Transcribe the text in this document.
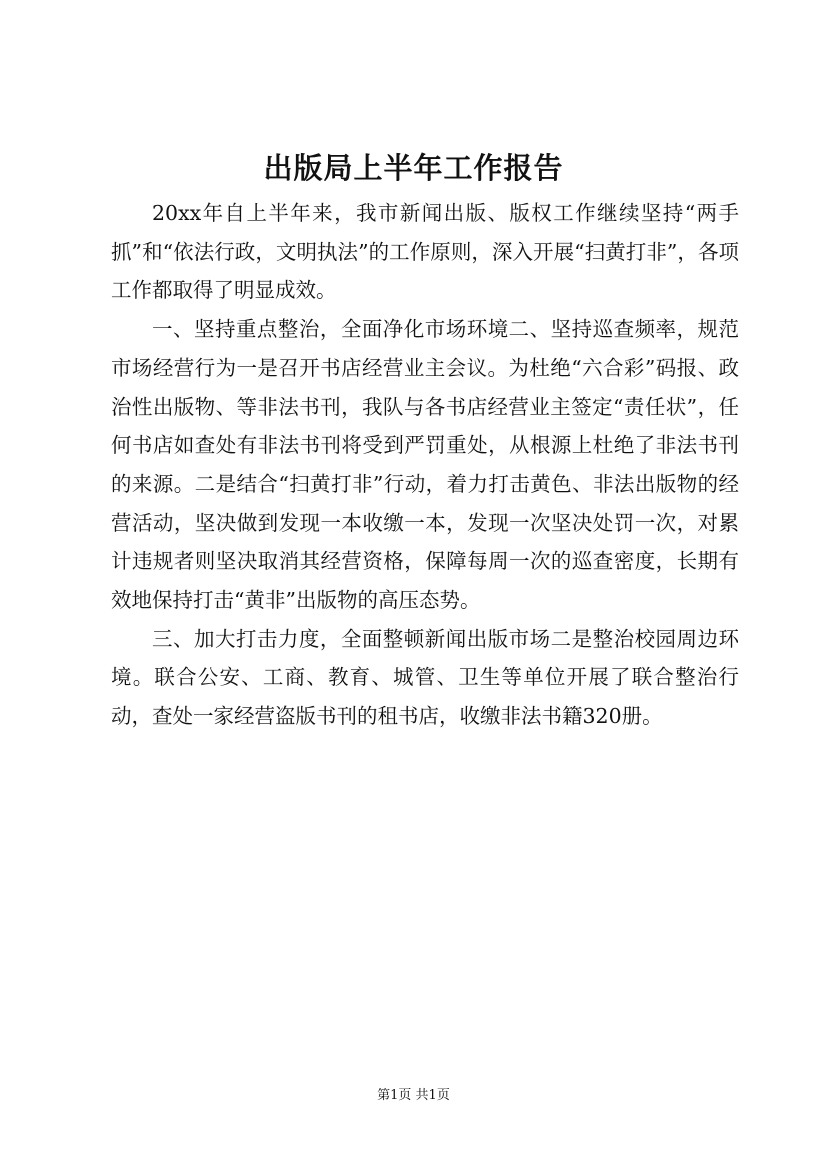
出版局上半年工作报告

20xx年自上半年来，我市新闻出版、版权工作继续坚持“两手抓”和“依法行政，文明执法”的工作原则，深入开展“扫黄打非”，各项工作都取得了明显成效。

一、坚持重点整治，全面净化市场环境二、坚持巡查频率，规范市场经营行为一是召开书店经营业主会议。为杜绝“六合彩”码报、政治性出版物、等非法书刊，我队与各书店经营业主签定“责任状”，任何书店如查处有非法书刊将受到严罚重处，从根源上杜绝了非法书刊的来源。二是结合“扫黄打非”行动，着力打击黄色、非法出版物的经营活动，坚决做到发现一本收缴一本，发现一次坚决处罚一次，对累计违规者则坚决取消其经营资格，保障每周一次的巡查密度，长期有效地保持打击“黄非”出版物的高压态势。

三、加大打击力度，全面整顿新闻出版市场二是整治校园周边环境。联合公安、工商、教育、城管、卫生等单位开展了联合整治行动，查处一家经营盗版书刊的租书店，收缴非法书籍320册。

第1页 共1页
